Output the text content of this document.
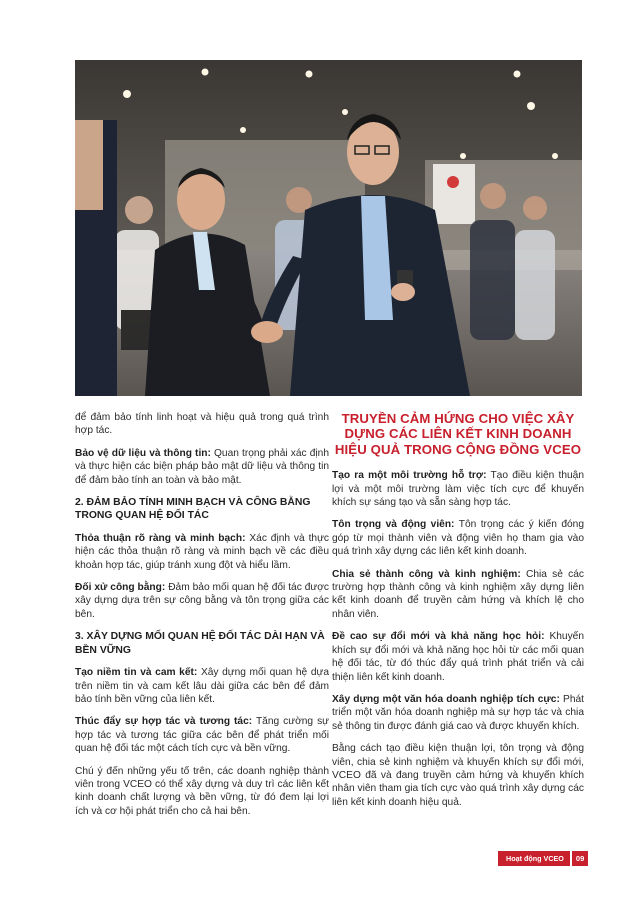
để đảm bảo tính linh hoạt và hiệu quả trong quá trình hợp tác.

Bảo vệ dữ liệu và thông tin: Quan trọng phải xác định và thực hiện các biện pháp bảo mật dữ liệu và thông tin để đảm bảo tính an toàn và bảo mật.

2. ĐẢM BẢO TÍNH MINH BẠCH VÀ CÔNG BẰNG TRONG QUAN HỆ ĐỐI TÁC

Thỏa thuận rõ ràng và minh bạch: Xác định và thực hiện các thỏa thuận rõ ràng và minh bạch về các điều khoản hợp tác, giúp tránh xung đột và hiểu lầm.

Đối xử công bằng: Đảm bảo mối quan hệ đối tác được xây dựng dựa trên sự công bằng và tôn trọng giữa các bên.

3. XÂY DỰNG MỐI QUAN HỆ ĐỐI TÁC DÀI HẠN VÀ BỀN VỮNG

Tạo niềm tin và cam kết: Xây dựng mối quan hệ dựa trên niềm tin và cam kết lâu dài giữa các bên để đảm bảo tính bền vững của liên kết.

Thúc đẩy sự hợp tác và tương tác: Tăng cường sự hợp tác và tương tác giữa các bên để phát triển mối quan hệ đối tác một cách tích cực và bền vững.

Chú ý đến những yếu tố trên, các doanh nghiệp thành viên trong VCEO có thể xây dựng và duy trì các liên kết kinh doanh chất lượng và bền vững, từ đó đem lại lợi ích và cơ hội phát triển cho cả hai bên.

TRUYỀN CẢM HỨNG CHO VIỆC XÂY DỰNG CÁC LIÊN KẾT KINH DOANH HIỆU QUẢ TRONG CỘNG ĐỒNG VCEO

Tạo ra một môi trường hỗ trợ: Tạo điều kiện thuận lợi và một môi trường làm việc tích cực để khuyến khích sự sáng tạo và sẵn sàng hợp tác.

Tôn trọng và động viên: Tôn trọng các ý kiến đóng góp từ mọi thành viên và động viên họ tham gia vào quá trình xây dựng các liên kết kinh doanh.

Chia sẻ thành công và kinh nghiệm: Chia sẻ các trường hợp thành công và kinh nghiệm xây dựng liên kết kinh doanh để truyền cảm hứng và khích lệ cho nhân viên.

Đề cao sự đổi mới và khả năng học hỏi: Khuyến khích sự đổi mới và khả năng học hỏi từ các mối quan hệ đối tác, từ đó thúc đẩy quá trình phát triển và cải thiện liên kết kinh doanh.

Xây dựng một văn hóa doanh nghiệp tích cực: Phát triển một văn hóa doanh nghiệp mà sự hợp tác và chia sẻ thông tin được đánh giá cao và được khuyến khích.

Bằng cách tạo điều kiện thuận lợi, tôn trọng và động viên, chia sẻ kinh nghiệm và khuyến khích sự đổi mới, VCEO đã và đang truyền cảm hứng và khuyến khích nhân viên tham gia tích cực vào quá trình xây dựng các liên kết kinh doanh hiệu quả.

Hoạt động VCEO	09
